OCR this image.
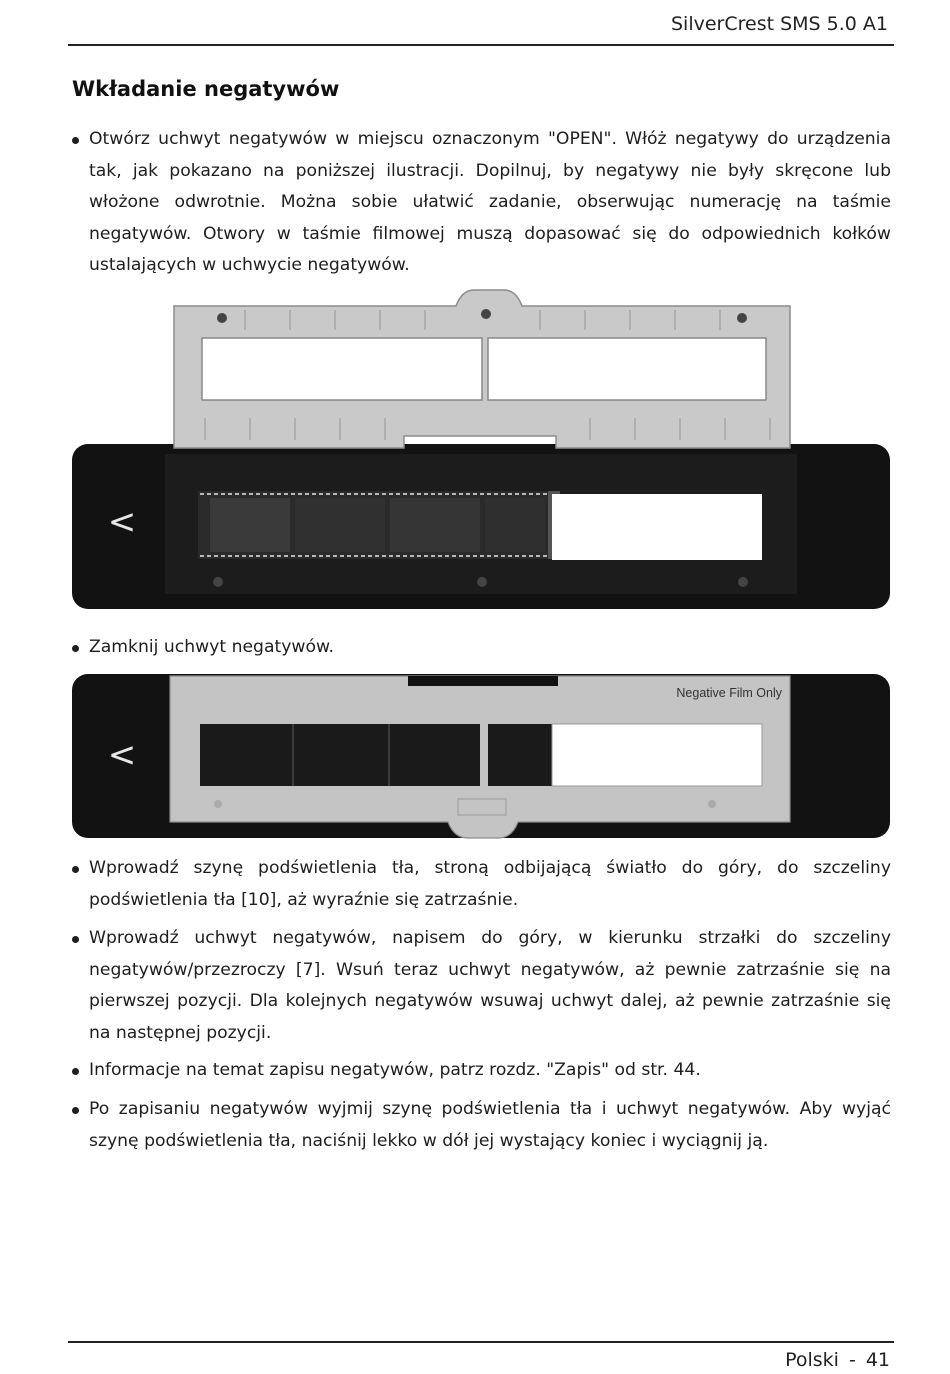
SilverCrest SMS 5.0 A1
Wkładanie negatywów
Otwórz uchwyt negatywów w miejscu oznaczonym "OPEN". Włóż negatywy do urządzenia tak, jak pokazano na poniższej ilustracji. Dopilnuj, by negatywy nie były skręcone lub włożone odwrotnie. Można sobie ułatwić zadanie, obserwując numerację na taśmie negatywów. Otwory w taśmie filmowej muszą dopasować się do odpowiednich kołków ustalających w uchwycie negatywów.
<
Zamknij uchwyt negatywów.
Negative Film Only
<
Wprowadź szynę podświetlenia tła, stroną odbijającą światło do góry, do szczeliny podświetlenia tła [10], aż wyraźnie się zatrzaśnie.
Wprowadź uchwyt negatywów, napisem do góry, w kierunku strzałki do szczeliny negatywów/przezroczy [7]. Wsuń teraz uchwyt negatywów, aż pewnie zatrzaśnie się na pierwszej pozycji. Dla kolejnych negatywów wsuwaj uchwyt dalej, aż pewnie zatrzaśnie się na następnej pozycji.
Informacje na temat zapisu negatywów, patrz rozdz. "Zapis" od str. 44.
Po zapisaniu negatywów wyjmij szynę podświetlenia tła i uchwyt negatywów. Aby wyjąć szynę podświetlenia tła, naciśnij lekko w dół jej wystający koniec i wyciągnij ją.
Polski - 41
